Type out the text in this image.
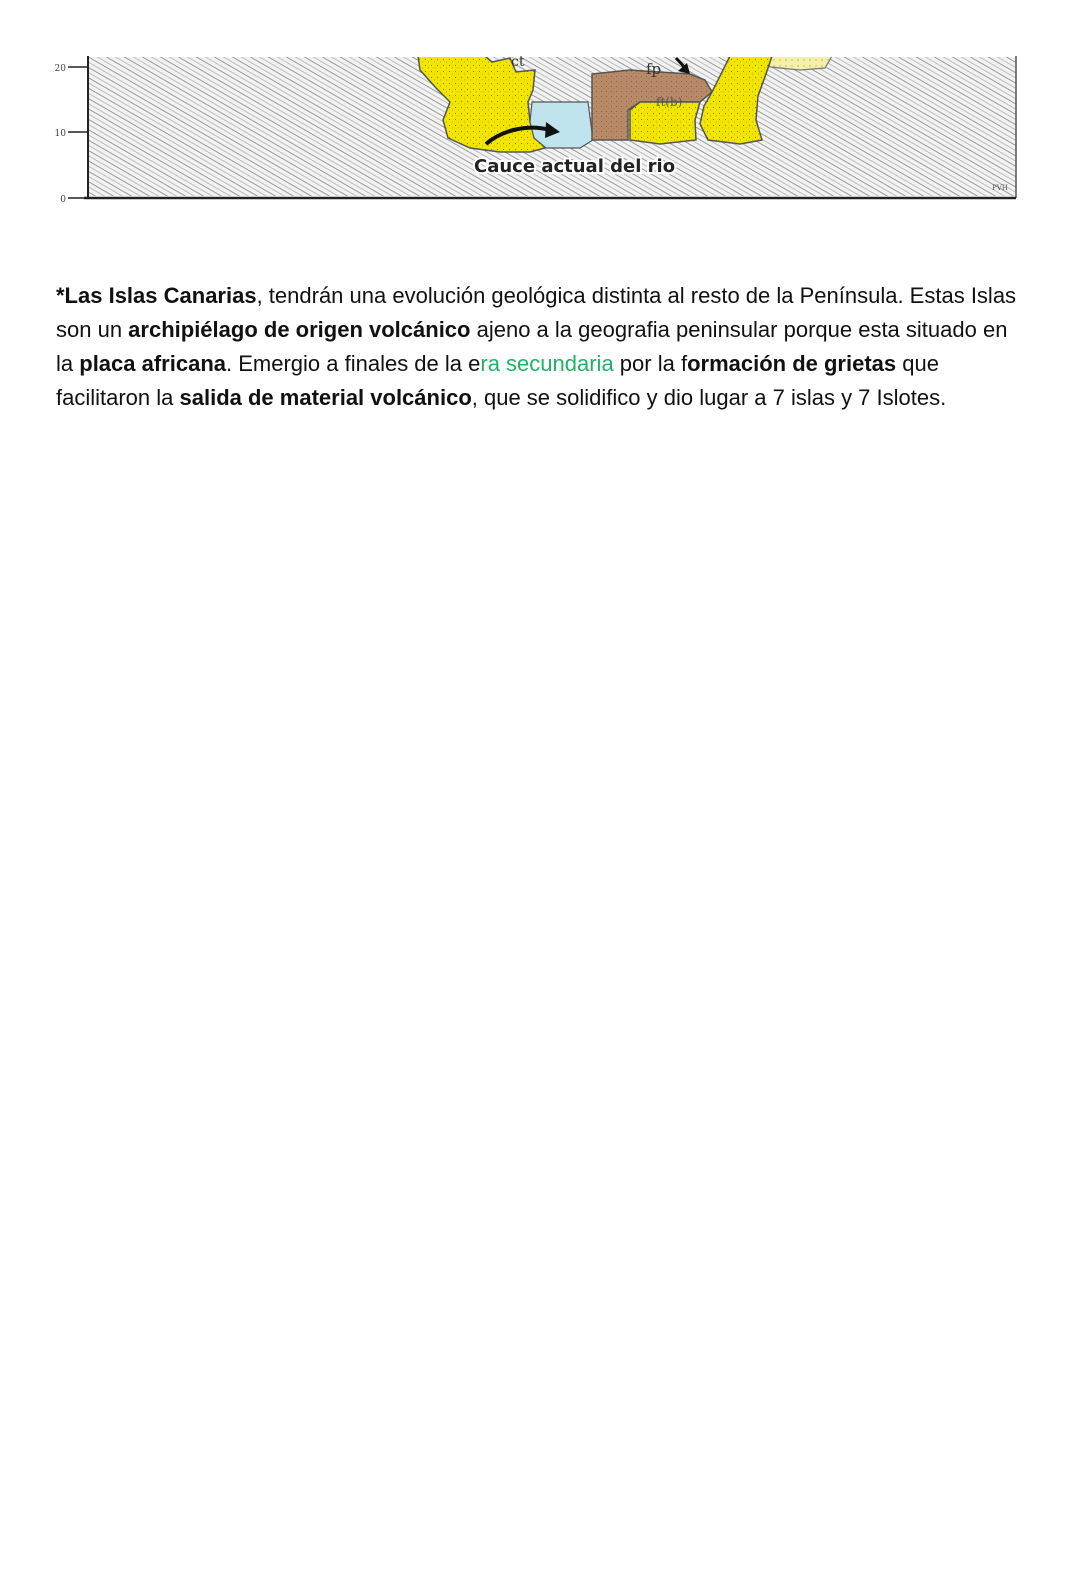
20
10
0
ct	fp
ft(b)
Cauce actual del rio
PVH

*Las Islas Canarias, tendrán una evolución geológica distinta al resto de la Península. Estas Islas son un archipiélago de origen volcánico ajeno a la geografia peninsular porque esta situado en la placa africana. Emergio a finales de la era secundaria por la formación de grietas que facilitaron la salida de material volcánico, que se solidifico y dio lugar a 7 islas y 7 Islotes.
